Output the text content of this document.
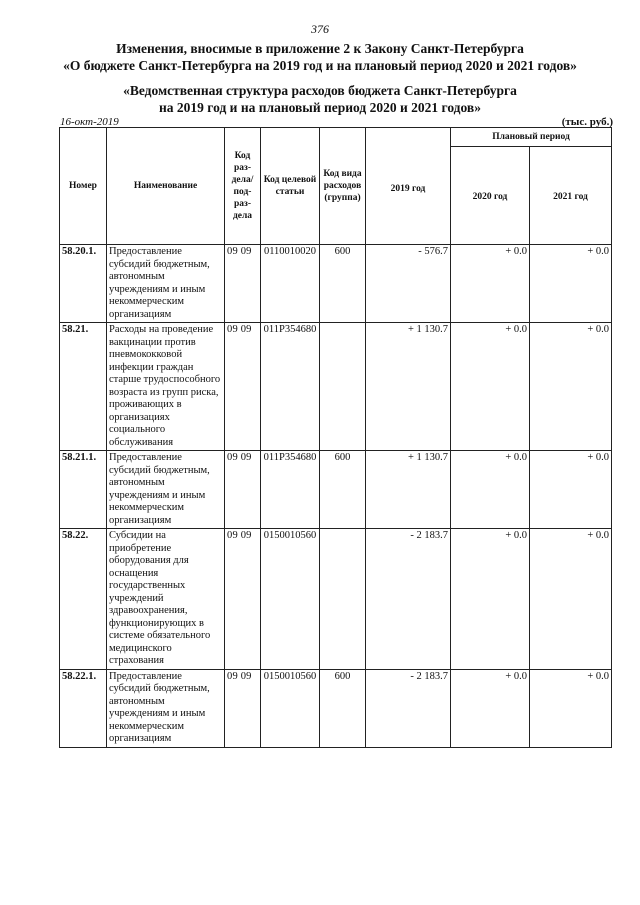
376
Изменения, вносимые в приложение 2 к Закону Санкт-Петербурга
«О бюджете Санкт-Петербурга на 2019 год и на плановый период 2020 и 2021 годов»
«Ведомственная структура расходов бюджета Санкт-Петербурга
на 2019 год и на плановый период 2020 и 2021 годов»
16-окт-2019	(тыс. руб.)
Номер	Наименование	Код раз-дела/ под-раз-дела	Код целевой статьи	Код вида расходов (группа)	2019 год	Плановый период	
						2020 год	2021 год
58.20.1.	Предоставление субсидий бюджетным, автономным учреждениям и иным некоммерческим организациям	09 09	0110010020	600	- 576.7	+ 0.0	+ 0.0
58.21.	Расходы на проведение вакцинации против пневмококковой инфекции граждан старше трудоспособного возраста из групп риска, проживающих в организациях социального обслуживания	09 09	011P354680		+ 1 130.7	+ 0.0	+ 0.0
58.21.1.	Предоставление субсидий бюджетным, автономным учреждениям и иным некоммерческим организациям	09 09	011P354680	600	+ 1 130.7	+ 0.0	+ 0.0
58.22.	Субсидии на приобретение оборудования для оснащения государственных учреждений здравоохранения, функционирующих в системе обязательного медицинского страхования	09 09	0150010560		- 2 183.7	+ 0.0	+ 0.0
58.22.1.	Предоставление субсидий бюджетным, автономным учреждениям и иным некоммерческим организациям	09 09	0150010560	600	- 2 183.7	+ 0.0	+ 0.0
